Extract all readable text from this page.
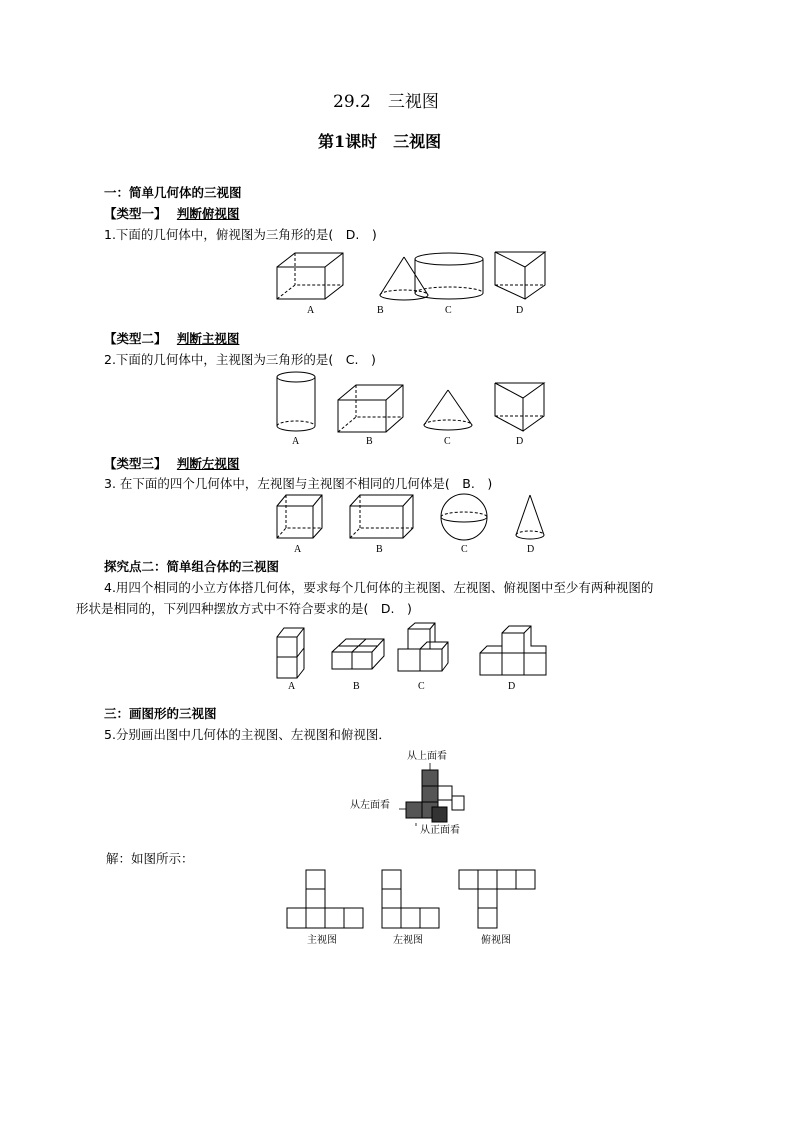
29.2　三视图
第1课时　三视图
一：简单几何体的三视图
【类型一】 判断俯视图
1.下面的几何体中，俯视图为三角形的是(　D.　)
A	B	C	D
【类型二】 判断主视图
2.下面的几何体中，主视图为三角形的是(　C.　)
A	B	C	D
【类型三】 判断左视图
3. 在下面的四个几何体中，左视图与主视图不相同的几何体是(　B.　)
A	B	C	D
探究点二：简单组合体的三视图
4.用四个相同的小立方体搭几何体，要求每个几何体的主视图、左视图、俯视图中至少有两种视图的
形状是相同的，下列四种摆放方式中不符合要求的是(　D.　)
A	B	C	D
三：画图形的三视图
5.分别画出图中几何体的主视图、左视图和俯视图．
从上面看
从左面看
从正面看
解：如图所示：
主视图	左视图	俯视图
